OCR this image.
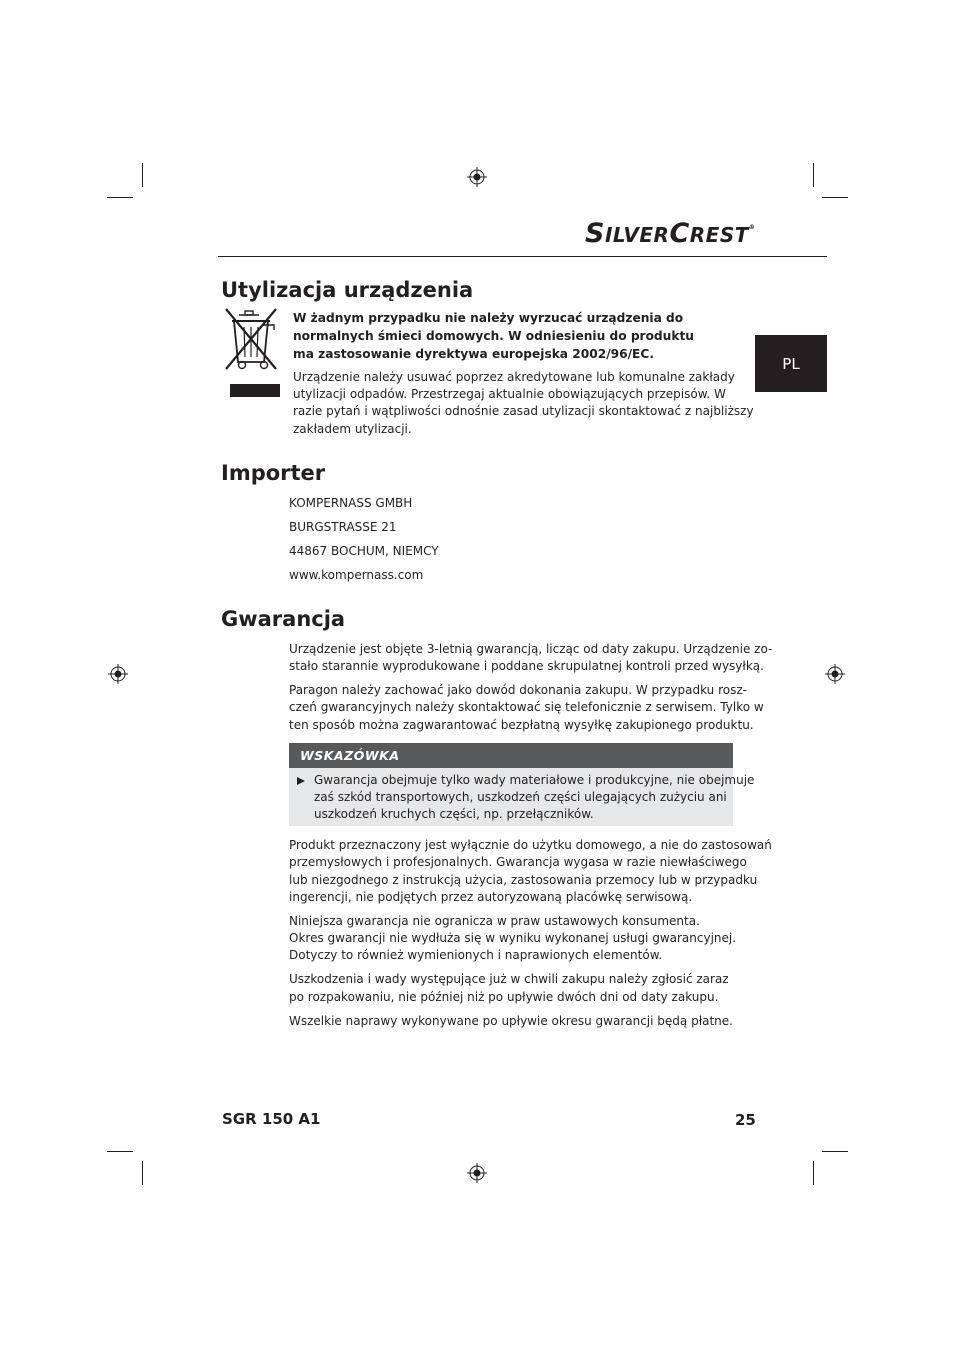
SILVERCREST®
PL
Utylizacja urządzenia
W żadnym przypadku nie należy wyrzucać urządzenia do
normalnych śmieci domowych. W odniesieniu do produktu
ma zastosowanie dyrektywa europejska 2002/96/EC.
Urządzenie należy usuwać poprzez akredytowane lub komunalne zakłady
utylizacji odpadów. Przestrzegaj aktualnie obowiązujących przepisów. W
razie pytań i wątpliwości odnośnie zasad utylizacji skontaktować z najbliższy
zakładem utylizacji.
Importer
KOMPERNASS GMBH
BURGSTRASSE 21
44867 BOCHUM, NIEMCY
www.kompernass.com
Gwarancja
Urządzenie jest objęte 3-letnią gwarancją, licząc od daty zakupu. Urządzenie zo-
stało starannie wyprodukowane i poddane skrupulatnej kontroli przed wysyłką.
Paragon należy zachować jako dowód dokonania zakupu. W przypadku rosz-
czeń gwarancyjnych należy skontaktować się telefonicznie z serwisem. Tylko w
ten sposób można zagwarantować bezpłatną wysyłkę zakupionego produktu.
WSKAZÓWKA
Gwarancja obejmuje tylko wady materiałowe i produkcyjne, nie obejmuje
zaś szkód transportowych, uszkodzeń części ulegających zużyciu ani
uszkodzeń kruchych części, np. przełączników.
Produkt przeznaczony jest wyłącznie do użytku domowego, a nie do zastosowań
przemysłowych i profesjonalnych. Gwarancja wygasa w razie niewłaściwego
lub niezgodnego z instrukcją użycia, zastosowania przemocy lub w przypadku
ingerencji, nie podjętych przez autoryzowaną placówkę serwisową.
Niniejsza gwarancja nie ogranicza w praw ustawowych konsumenta.
Okres gwarancji nie wydłuża się w wyniku wykonanej usługi gwarancyjnej.
Dotyczy to również wymienionych i naprawionych elementów.
Uszkodzenia i wady występujące już w chwili zakupu należy zgłosić zaraz
po rozpakowaniu, nie później niż po upływie dwóch dni od daty zakupu.
Wszelkie naprawy wykonywane po upływie okresu gwarancji będą płatne.
SGR 150 A1	25
